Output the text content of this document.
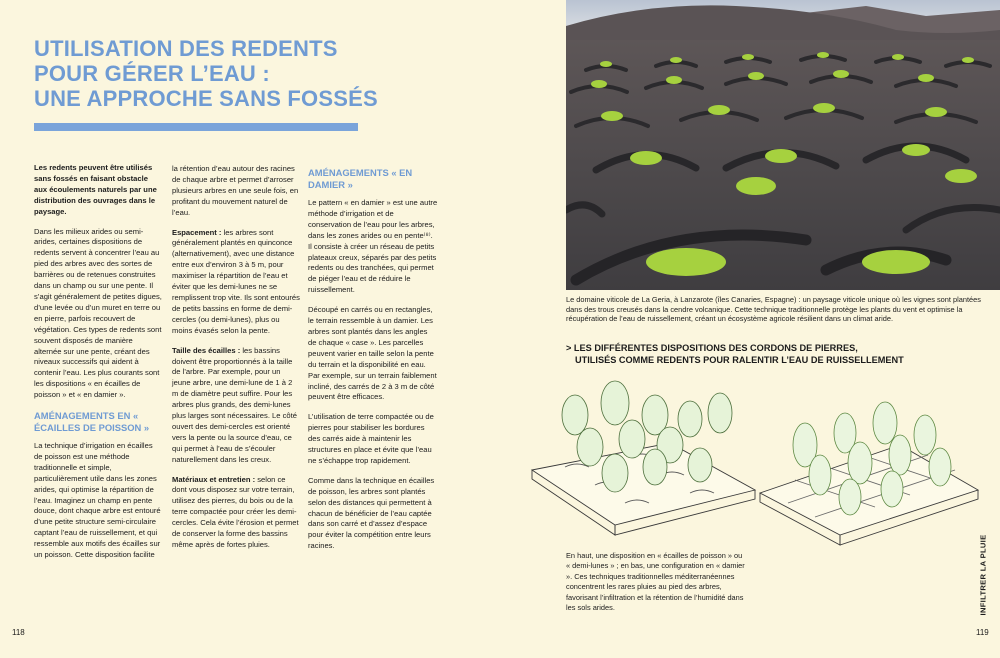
UTILISATION DES REDENTS
POUR GÉRER L’EAU :
UNE APPROCHE SANS FOSSÉS

Les redents peuvent être utilisés sans fossés en faisant obstacle aux écoulements naturels par une distribution des ouvrages dans le paysage.

Dans les milieux arides ou semi-arides, certaines dispositions de redents servent à concentrer l’eau au pied des arbres avec des sortes de barrières ou de retenues construites dans un champ ou sur une pente. Il s’agit généralement de petites digues, d’une levée ou d’un muret en terre ou en pierre, parfois recouvert de végétation. Ces types de redents sont souvent disposés de manière alternée sur une pente, créant des niveaux successifs qui aident à contenir l’eau. Les plus courants sont les dispositions « en écailles de poisson » et « en damier ».

AMÉNAGEMENTS EN « ÉCAILLES DE POISSON »

La technique d’irrigation en écailles de poisson est une méthode traditionnelle et simple, particulièrement utile dans les zones arides, qui optimise la répartition de l’eau. Imaginez un champ en pente douce, dont chaque arbre est entouré d’une petite structure semi-circulaire captant l’eau de ruissellement, et qui ressemble aux motifs des écailles sur un poisson. Cette disposition facilite

la rétention d’eau autour des racines de chaque arbre et permet d’arroser plusieurs arbres en une seule fois, en profitant du mouvement naturel de l’eau.

Espacement : les arbres sont généralement plantés en quinconce (alternativement), avec une distance entre eux d’environ 3 à 5 m, pour maximiser la répartition de l’eau et éviter que les demi-lunes ne se remplissent trop vite. Ils sont entourés de petits bassins en forme de demi-cercles (ou demi-lunes), plus ou moins évasés selon la pente.

Taille des écailles : les bassins doivent être proportionnés à la taille de l’arbre. Par exemple, pour un jeune arbre, une demi-lune de 1 à 2 m de diamètre peut suffire. Pour les arbres plus grands, des demi-lunes plus larges sont nécessaires. Le côté ouvert des demi-cercles est orienté vers la pente ou la source d’eau, ce qui permet à l’eau de s’écouler naturellement dans les creux.

Matériaux et entretien : selon ce dont vous disposez sur votre terrain, utilisez des pierres, du bois ou de la terre compactée pour créer les demi-cercles. Cela évite l’érosion et permet de conserver la forme des bassins même après de fortes pluies.

AMÉNAGEMENTS « EN DAMIER »

Le pattern « en damier » est une autre méthode d’irrigation et de conservation de l’eau pour les arbres, dans les zones arides ou en pente⁽⁸⁾. Il consiste à créer un réseau de petits plateaux creux, séparés par des petits redents ou des tranchées, qui permet de piéger l’eau et de réduire le ruissellement.

Découpé en carrés ou en rectangles, le terrain ressemble à un damier. Les arbres sont plantés dans les angles de chaque « case ». Les parcelles peuvent varier en taille selon la pente du terrain et la disponibilité en eau. Par exemple, sur un terrain faiblement incliné, des carrés de 2 à 3 m de côté peuvent être efficaces.

L’utilisation de terre compactée ou de pierres pour stabiliser les bordures des carrés aide à maintenir les structures en place et évite que l’eau ne s’échappe trop rapidement.

Comme dans la technique en écailles de poisson, les arbres sont plantés selon des distances qui permettent à chacun de bénéficier de l’eau captée dans son carré et d’assez d’espace pour éviter la compétition entre leurs racines.

118
Le domaine viticole de La Geria, à Lanzarote (îles Canaries, Espagne) : un paysage viticole unique où les vignes sont plantées dans des trous creusés dans la cendre volcanique. Cette technique traditionnelle protège les plants du vent et optimise la récupération de l’eau de ruissellement, créant un écosystème agricole résilient dans un climat aride.
> LES DIFFÉRENTES DISPOSITIONS DES CORDONS DE PIERRES,
UTILISÉS COMME REDENTS POUR RALENTIR L’EAU DE RUISSELLEMENT
En haut, une disposition en « écailles de poisson » ou « demi-lunes » ; en bas, une configuration en « damier ». Ces techniques traditionnelles méditerranéennes concentrent les rares pluies au pied des arbres, favorisant l’infiltration et la rétention de l’humidité dans les sols arides.	INFILTRER LA PLUIE
119
